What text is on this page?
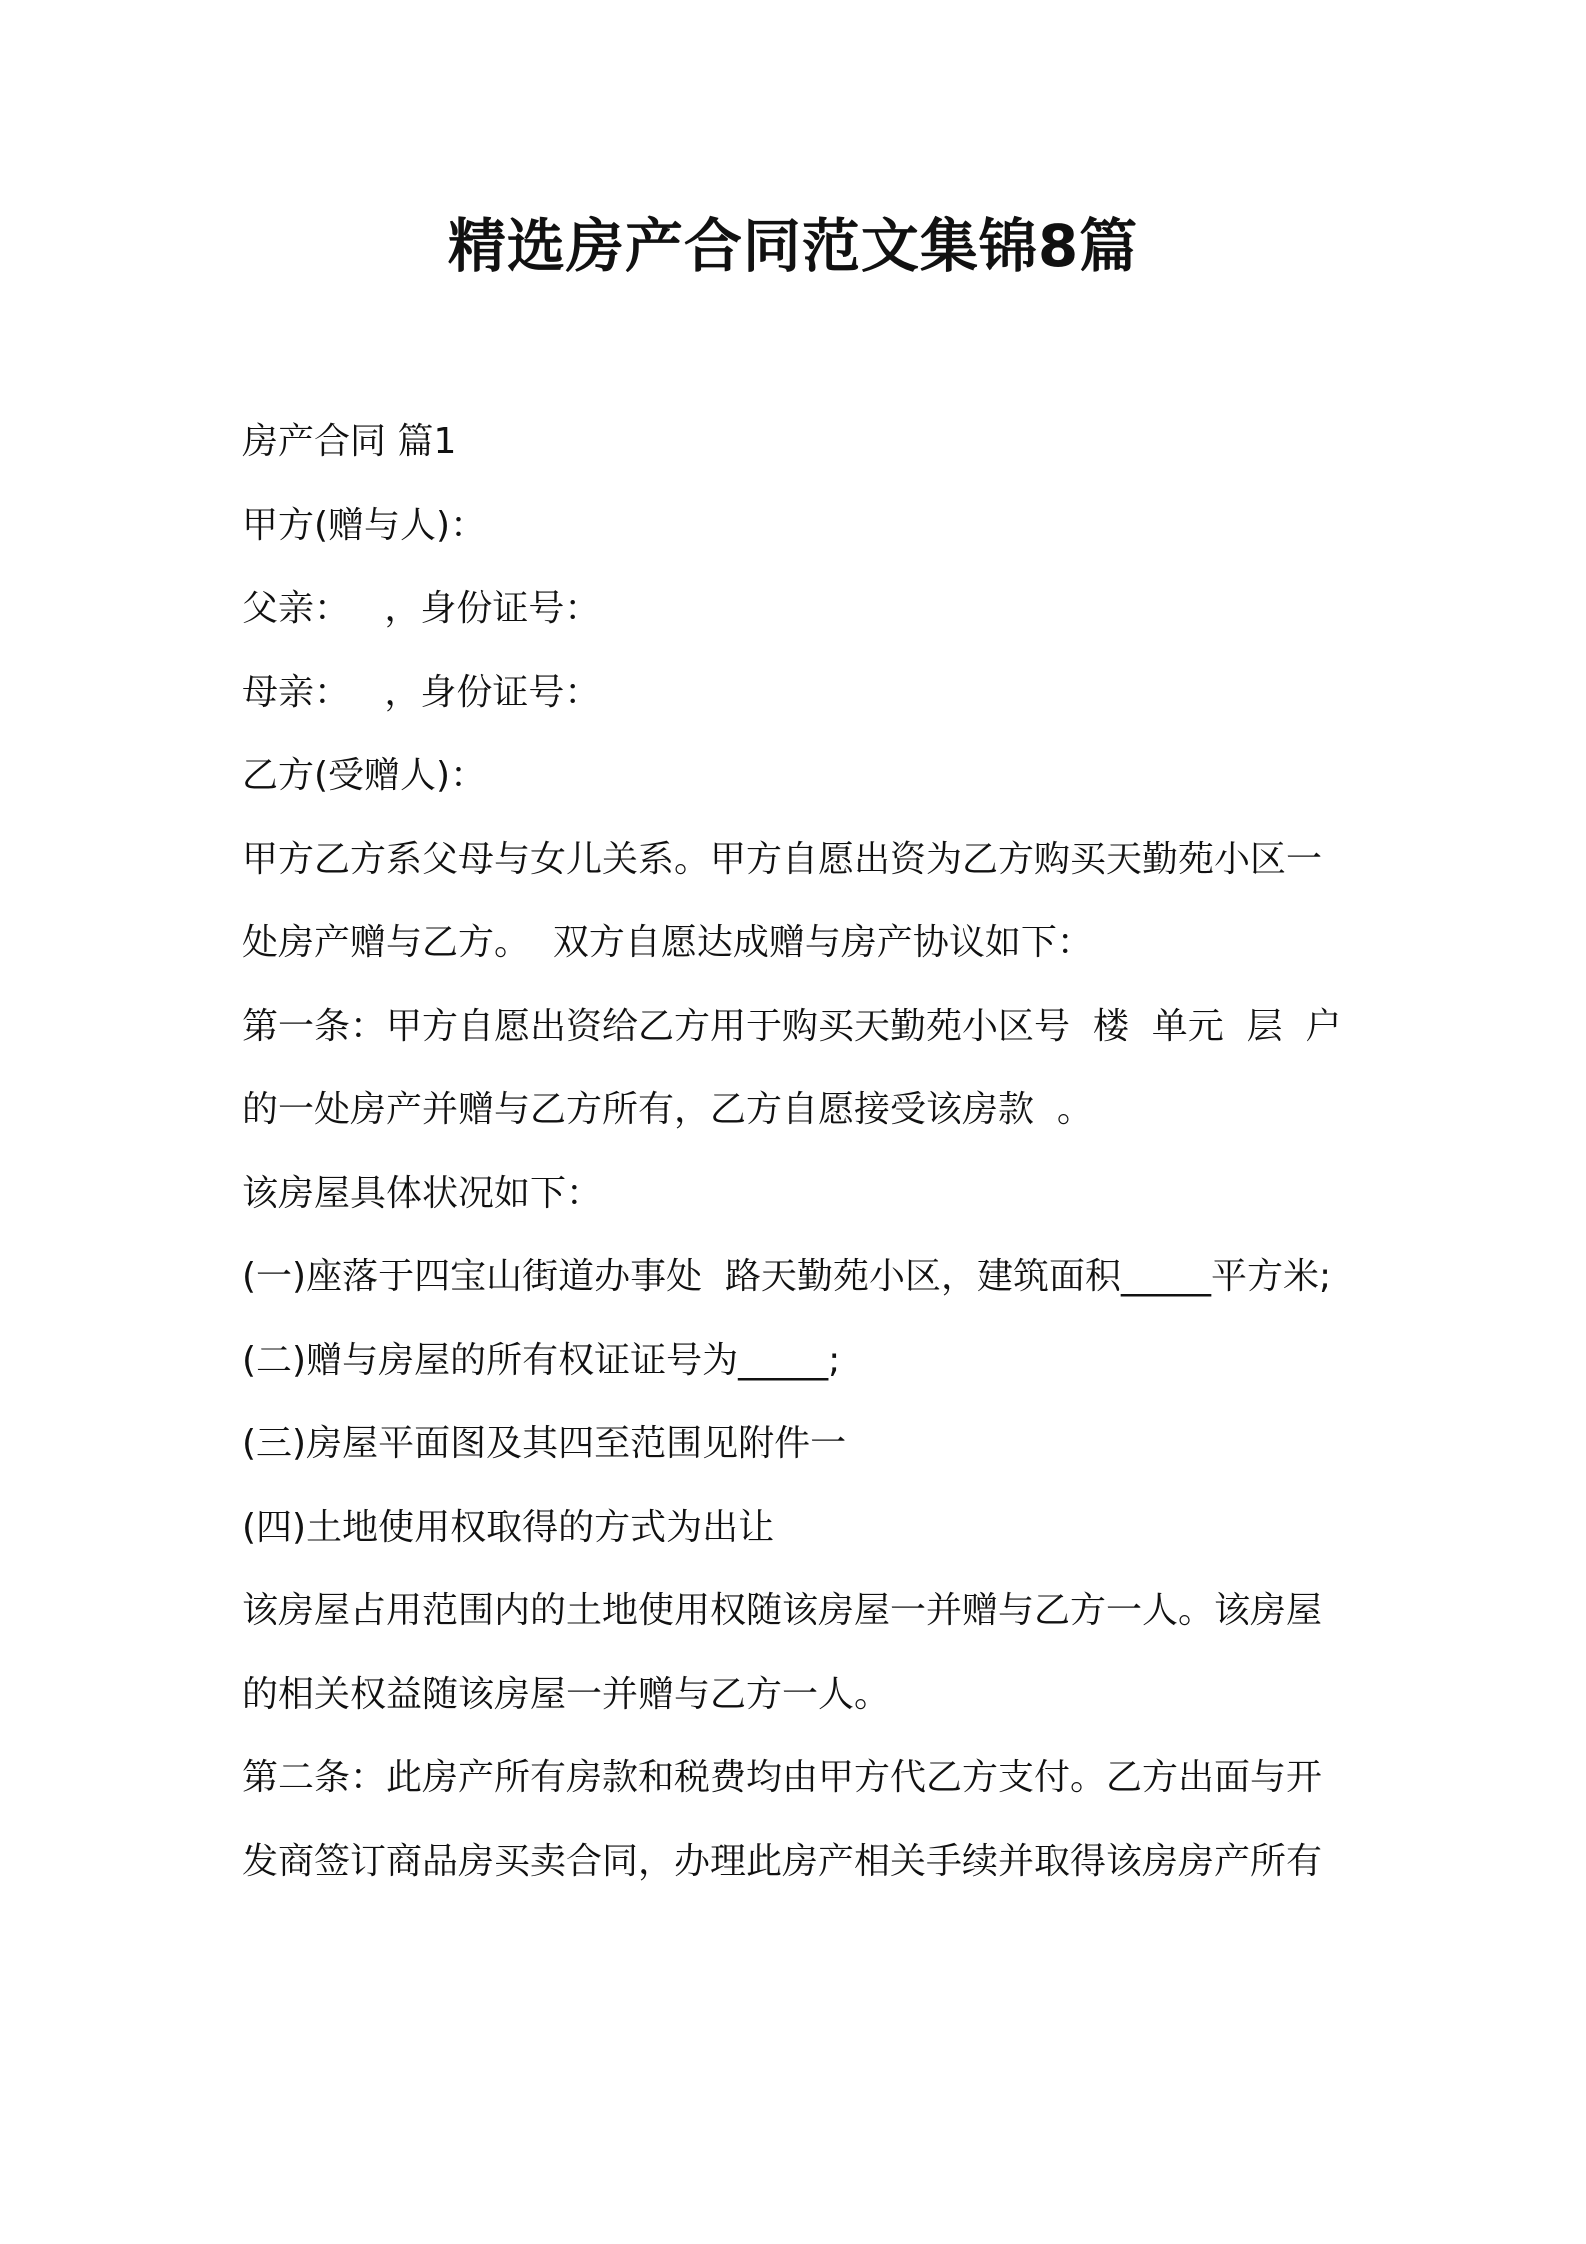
精选房产合同范文集锦8篇

房产合同 篇1

甲方(赠与人)：

父亲：   ，身份证号：

母亲：   ，身份证号：

乙方(受赠人)：

甲方乙方系父母与女儿关系。甲方自愿出资为乙方购买天勤苑小区一处房产赠与乙方。  双方自愿达成赠与房产协议如下：

第一条：甲方自愿出资给乙方用于购买天勤苑小区号  楼  单元  层  户的一处房产并赠与乙方所有，乙方自愿接受该房款  。

该房屋具体状况如下：

(一)座落于四宝山街道办事处  路天勤苑小区，建筑面积_____平方米;

(二)赠与房屋的所有权证证号为_____;

(三)房屋平面图及其四至范围见附件一

(四)土地使用权取得的方式为出让

该房屋占用范围内的土地使用权随该房屋一并赠与乙方一人。该房屋的相关权益随该房屋一并赠与乙方一人。

第二条：此房产所有房款和税费均由甲方代乙方支付。乙方出面与开发商签订商品房买卖合同，办理此房产相关手续并取得该房房产所有
